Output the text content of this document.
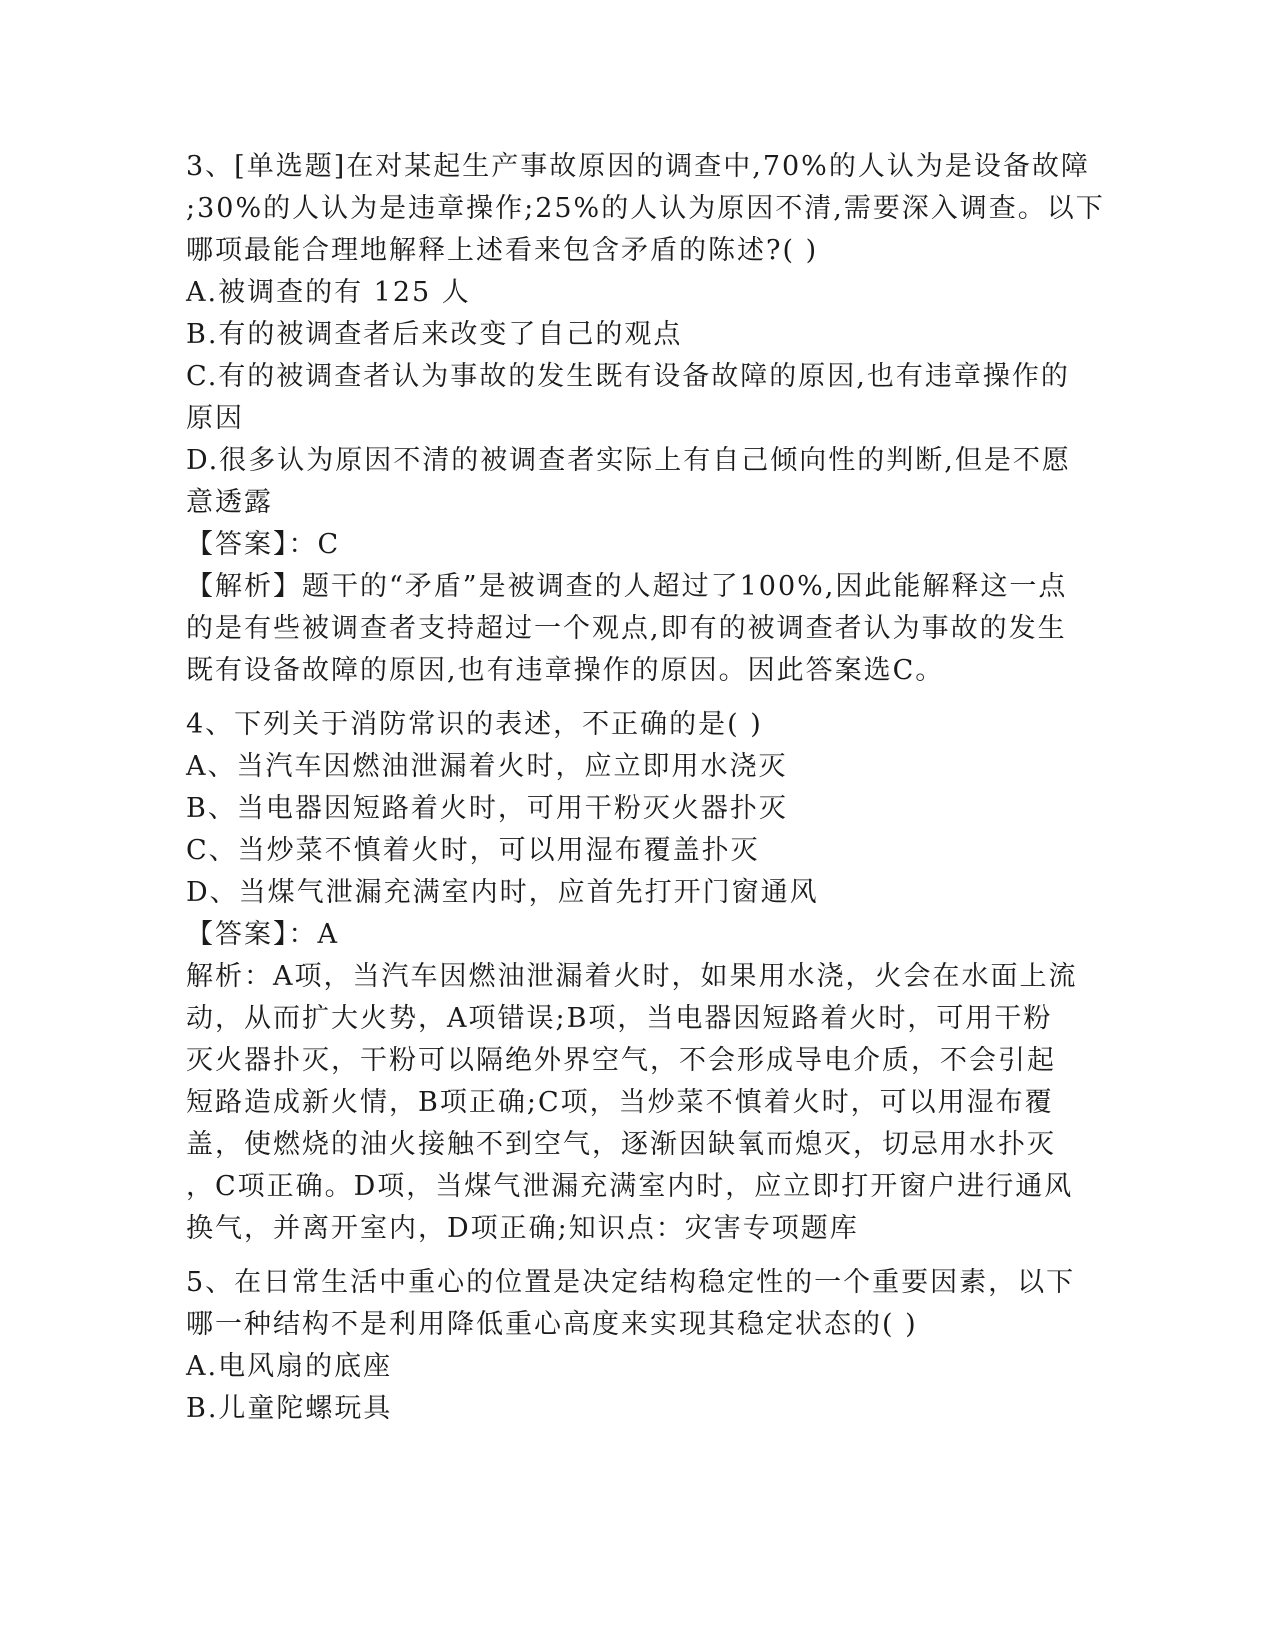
3、[单选题]在对某起生产事故原因的调查中,70%的人认为是设备故障
;30%的人认为是违章操作;25%的人认为原因不清,需要深入调查。以下
哪项最能合理地解释上述看来包含矛盾的陈述?( )
A.被调查的有 125 人
B.有的被调查者后来改变了自己的观点
C.有的被调查者认为事故的发生既有设备故障的原因,也有违章操作的
原因
D.很多认为原因不清的被调查者实际上有自己倾向性的判断,但是不愿
意透露
【答案】：C
【解析】题干的“矛盾”是被调查的人超过了100%,因此能解释这一点
的是有些被调查者支持超过一个观点,即有的被调查者认为事故的发生
既有设备故障的原因,也有违章操作的原因。因此答案选C。
4、下列关于消防常识的表述，不正确的是( )
A、当汽车因燃油泄漏着火时，应立即用水浇灭
B、当电器因短路着火时，可用干粉灭火器扑灭
C、当炒菜不慎着火时，可以用湿布覆盖扑灭
D、当煤气泄漏充满室内时，应首先打开门窗通风
【答案】：A
解析：A项，当汽车因燃油泄漏着火时，如果用水浇，火会在水面上流
动，从而扩大火势，A项错误;B项，当电器因短路着火时，可用干粉
灭火器扑灭，干粉可以隔绝外界空气，不会形成导电介质，不会引起
短路造成新火情，B项正确;C项，当炒菜不慎着火时，可以用湿布覆
盖，使燃烧的油火接触不到空气，逐渐因缺氧而熄灭，切忌用水扑灭
，C项正确。D项，当煤气泄漏充满室内时，应立即打开窗户进行通风
换气，并离开室内，D项正确;知识点：灾害专项题库
5、在日常生活中重心的位置是决定结构稳定性的一个重要因素，以下
哪一种结构不是利用降低重心高度来实现其稳定状态的( )
A.电风扇的底座
B.儿童陀螺玩具
